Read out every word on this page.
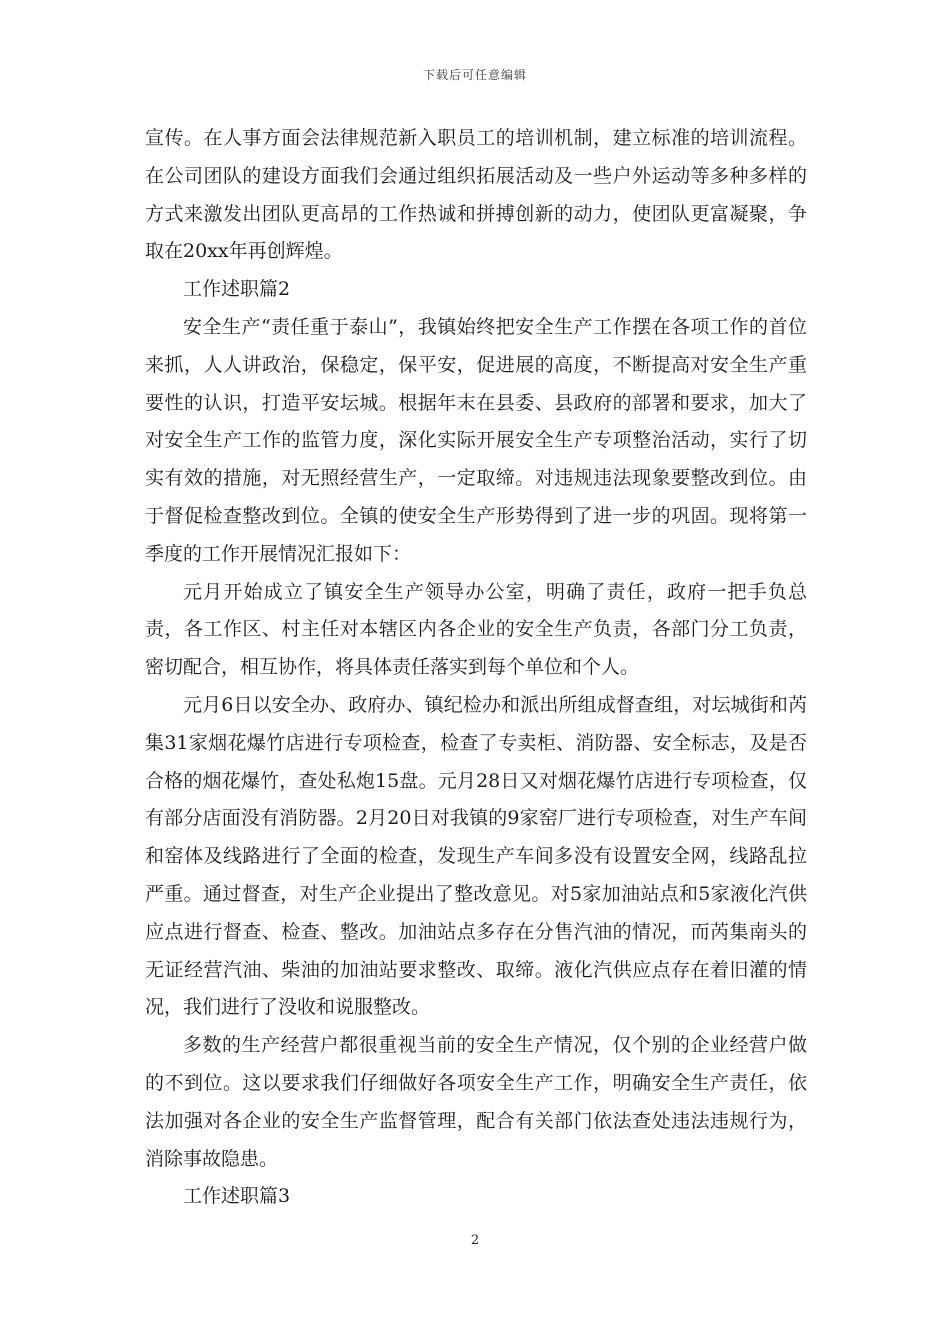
下载后可任意编辑

宣传。在人事方面会法律规范新入职员工的培训机制，建立标准的培训流程。在公司团队的建设方面我们会通过组织拓展活动及一些户外运动等多种多样的方式来激发出团队更高昂的工作热诚和拼搏创新的动力，使团队更富凝聚，争取在20xx年再创辉煌。

工作述职篇2

安全生产“责任重于泰山”，我镇始终把安全生产工作摆在各项工作的首位来抓，人人讲政治，保稳定，保平安，促进展的高度，不断提高对安全生产重要性的认识，打造平安坛城。根据年末在县委、县政府的部署和要求，加大了对安全生产工作的监管力度，深化实际开展安全生产专项整治活动，实行了切实有效的措施，对无照经营生产，一定取缔。对违规违法现象要整改到位。由于督促检查整改到位。全镇的使安全生产形势得到了进一步的巩固。现将第一季度的工作开展情况汇报如下：

元月开始成立了镇安全生产领导办公室，明确了责任，政府一把手负总责，各工作区、村主任对本辖区内各企业的安全生产负责，各部门分工负责，密切配合，相互协作，将具体责任落实到每个单位和个人。

元月6日以安全办、政府办、镇纪检办和派出所组成督查组，对坛城街和芮集31家烟花爆竹店进行专项检查，检查了专卖柜、消防器、安全标志，及是否合格的烟花爆竹，查处私炮15盘。元月28日又对烟花爆竹店进行专项检查，仅有部分店面没有消防器。2月20日对我镇的9家窑厂进行专项检查，对生产车间和窑体及线路进行了全面的检查，发现生产车间多没有设置安全网，线路乱拉严重。通过督查，对生产企业提出了整改意见。对5家加油站点和5家液化汽供应点进行督查、检查、整改。加油站点多存在分售汽油的情况，而芮集南头的无证经营汽油、柴油的加油站要求整改、取缔。液化汽供应点存在着旧灌的情况，我们进行了没收和说服整改。

多数的生产经营户都很重视当前的安全生产情况，仅个别的企业经营户做的不到位。这以要求我们仔细做好各项安全生产工作，明确安全生产责任，依法加强对各企业的安全生产监督管理，配合有关部门依法查处违法违规行为，消除事故隐患。

工作述职篇3

2
